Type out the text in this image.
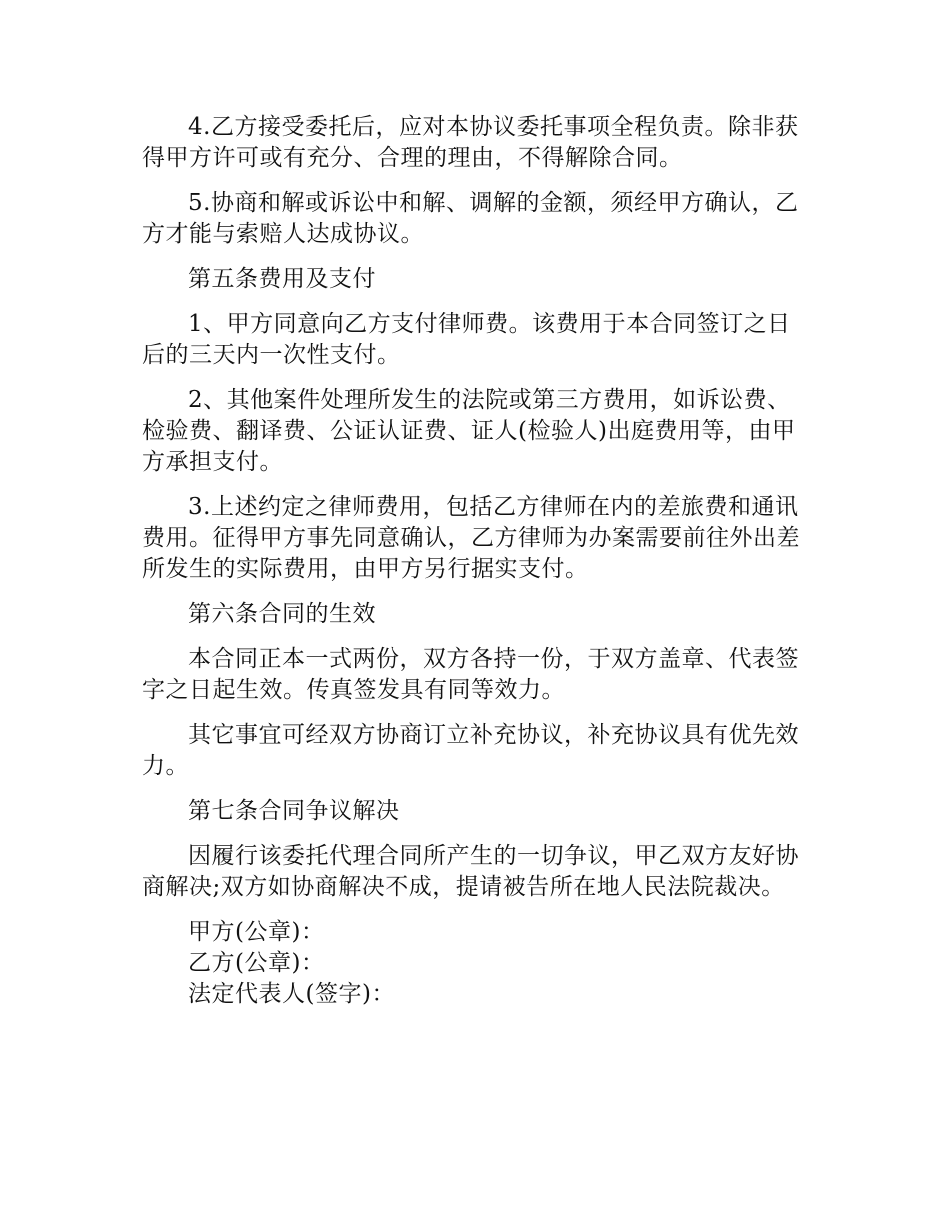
4.乙方接受委托后，应对本协议委托事项全程负责。除非获得甲方许可或有充分、合理的理由，不得解除合同。

5.协商和解或诉讼中和解、调解的金额，须经甲方确认，乙方才能与索赔人达成协议。

第五条费用及支付

1、甲方同意向乙方支付律师费。该费用于本合同签订之日后的三天内一次性支付。

2、其他案件处理所发生的法院或第三方费用，如诉讼费、检验费、翻译费、公证认证费、证人(检验人)出庭费用等，由甲方承担支付。

3.上述约定之律师费用，包括乙方律师在内的差旅费和通讯费用。征得甲方事先同意确认，乙方律师为办案需要前往外出差所发生的实际费用，由甲方另行据实支付。

第六条合同的生效

本合同正本一式两份，双方各持一份，于双方盖章、代表签字之日起生效。传真签发具有同等效力。

其它事宜可经双方协商订立补充协议，补充协议具有优先效力。

第七条合同争议解决

因履行该委托代理合同所产生的一切争议，甲乙双方友好协商解决;双方如协商解决不成，提请被告所在地人民法院裁决。

甲方(公章)：

乙方(公章)：

法定代表人(签字)：
